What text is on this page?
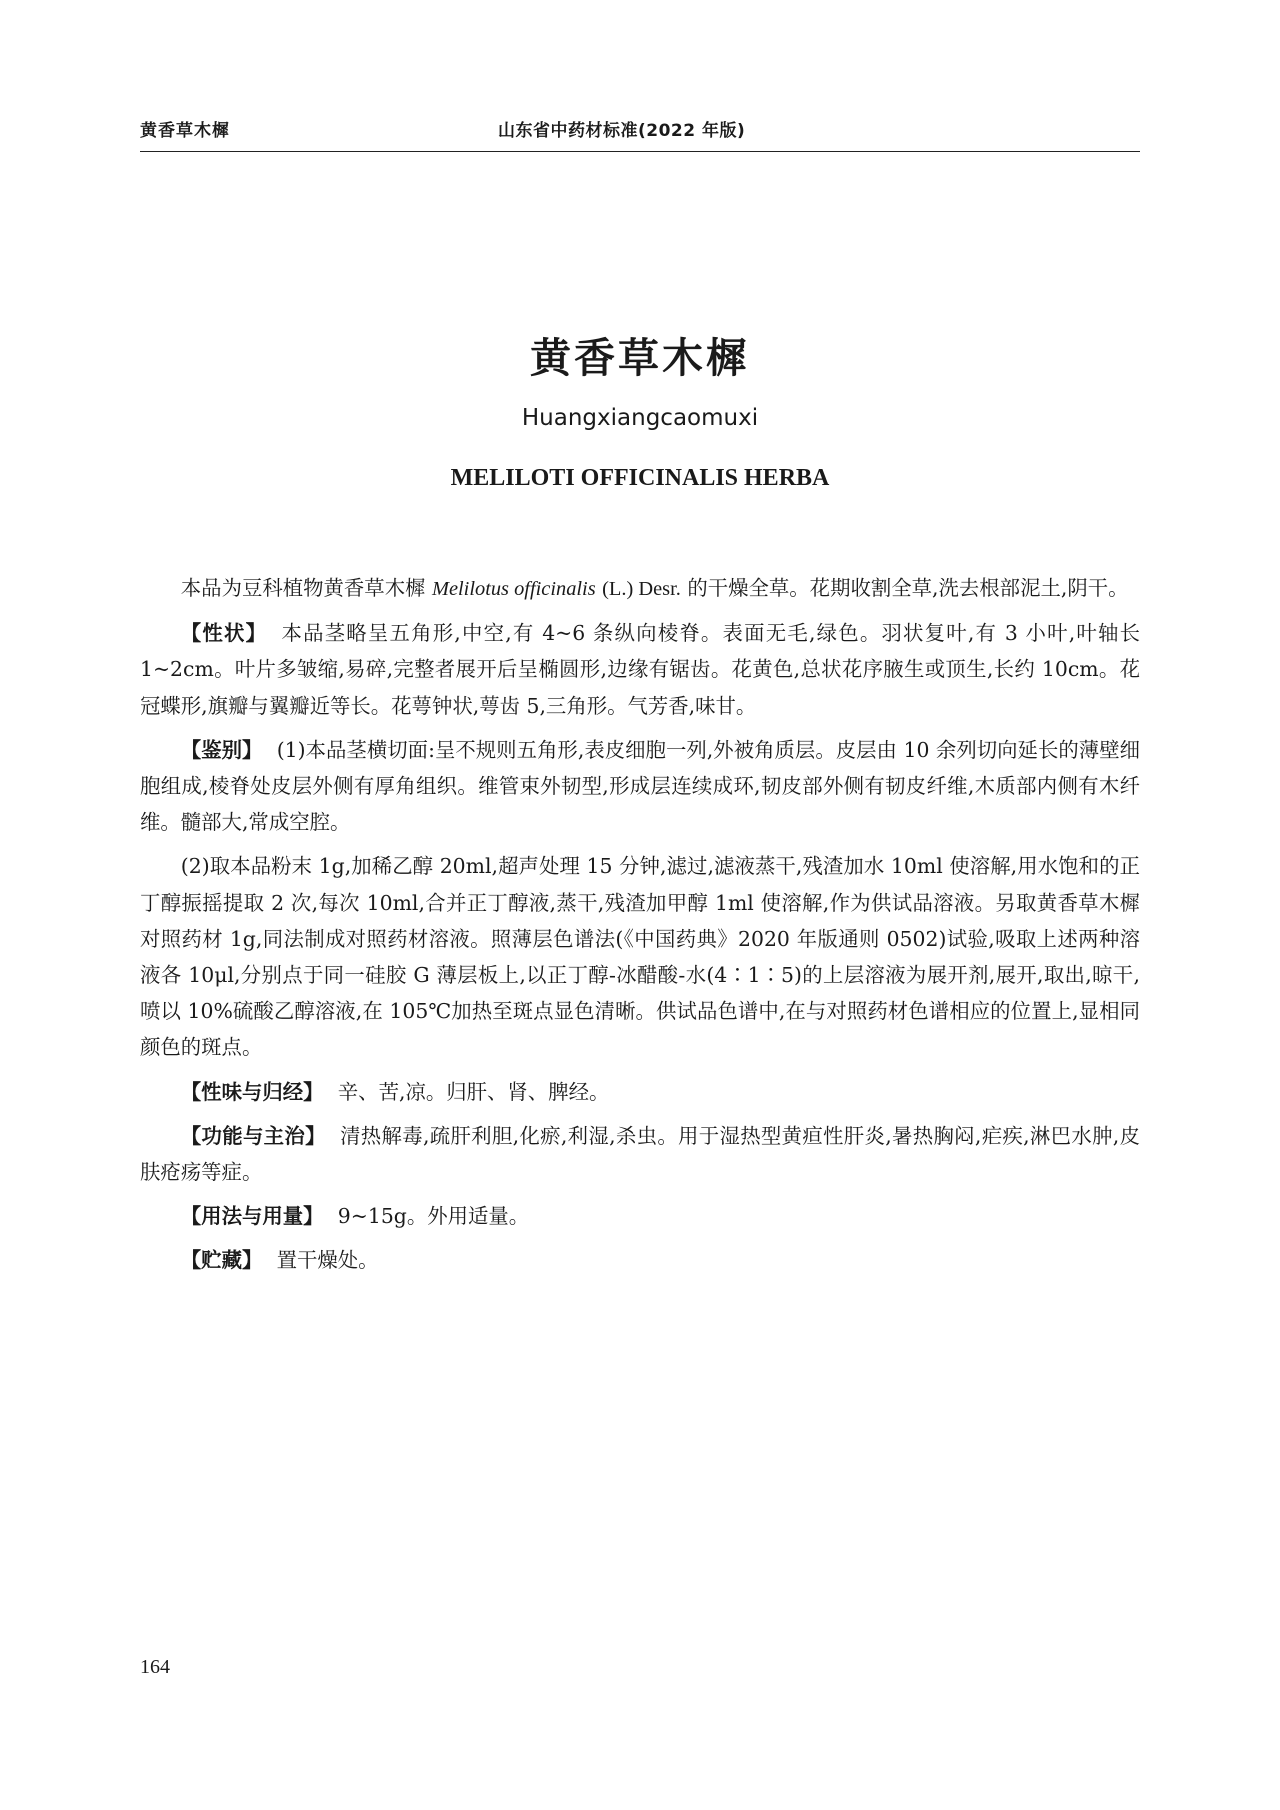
黄香草木樨	山东省中药材标准(2022 年版)
黄香草木樨
Huangxiangcaomuxi
MELILOTI OFFICINALIS HERBA

本品为豆科植物黄香草木樨 Melilotus officinalis (L.) Desr. 的干燥全草。花期收割全草,洗去根部泥土,阴干。

【性状】 本品茎略呈五角形,中空,有 4~6 条纵向棱脊。表面无毛,绿色。羽状复叶,有 3 小叶,叶轴长 1~2cm。叶片多皱缩,易碎,完整者展开后呈椭圆形,边缘有锯齿。花黄色,总状花序腋生或顶生,长约 10cm。花冠蝶形,旗瓣与翼瓣近等长。花萼钟状,萼齿 5,三角形。气芳香,味甘。

【鉴别】 (1)本品茎横切面:呈不规则五角形,表皮细胞一列,外被角质层。皮层由 10 余列切向延长的薄壁细胞组成,棱脊处皮层外侧有厚角组织。维管束外韧型,形成层连续成环,韧皮部外侧有韧皮纤维,木质部内侧有木纤维。髓部大,常成空腔。

(2)取本品粉末 1g,加稀乙醇 20ml,超声处理 15 分钟,滤过,滤液蒸干,残渣加水 10ml 使溶解,用水饱和的正丁醇振摇提取 2 次,每次 10ml,合并正丁醇液,蒸干,残渣加甲醇 1ml 使溶解,作为供试品溶液。另取黄香草木樨对照药材 1g,同法制成对照药材溶液。照薄层色谱法(《中国药典》2020 年版通则 0502)试验,吸取上述两种溶液各 10μl,分别点于同一硅胶 G 薄层板上,以正丁醇-冰醋酸-水(4∶1∶5)的上层溶液为展开剂,展开,取出,晾干,喷以 10%硫酸乙醇溶液,在 105℃加热至斑点显色清晰。供试品色谱中,在与对照药材色谱相应的位置上,显相同颜色的斑点。

【性味与归经】 辛、苦,凉。归肝、肾、脾经。

【功能与主治】 清热解毒,疏肝利胆,化瘀,利湿,杀虫。用于湿热型黄疸性肝炎,暑热胸闷,疟疾,淋巴水肿,皮肤疮疡等症。

【用法与用量】 9~15g。外用适量。

【贮藏】 置干燥处。

164
